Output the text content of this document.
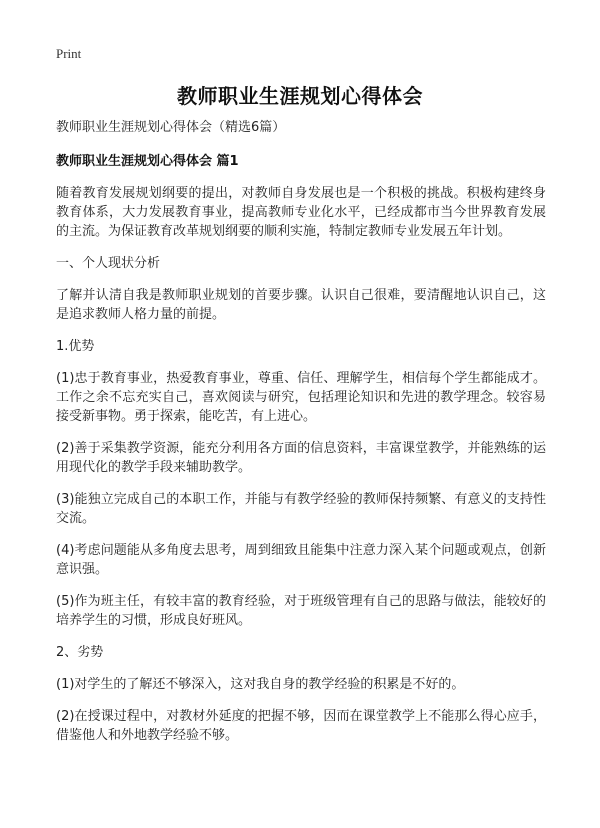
Print
教师职业生涯规划心得体会
教师职业生涯规划心得体会（精选6篇）
教师职业生涯规划心得体会 篇1

随着教育发展规划纲要的提出，对教师自身发展也是一个积极的挑战。积极构建终身教育体系，大力发展教育事业，提高教师专业化水平，已经成都市当今世界教育发展的主流。为保证教育改革规划纲要的顺利实施，特制定教师专业发展五年计划。

一、个人现状分析

了解并认清自我是教师职业规划的首要步骤。认识自己很难，要清醒地认识自己，这是追求教师人格力量的前提。

1.优势

(1)忠于教育事业，热爱教育事业，尊重、信任、理解学生，相信每个学生都能成才。工作之余不忘充实自己，喜欢阅读与研究，包括理论知识和先进的教学理念。较容易接受新事物。勇于探索，能吃苦，有上进心。

(2)善于采集教学资源，能充分利用各方面的信息资料，丰富课堂教学，并能熟练的运用现代化的教学手段来辅助教学。

(3)能独立完成自己的本职工作，并能与有教学经验的教师保持频繁、有意义的支持性交流。

(4)考虑问题能从多角度去思考，周到细致且能集中注意力深入某个问题或观点，创新意识强。

(5)作为班主任，有较丰富的教育经验，对于班级管理有自己的思路与做法，能较好的培养学生的习惯，形成良好班风。

2、劣势

(1)对学生的了解还不够深入，这对我自身的教学经验的积累是不好的。

(2)在授课过程中，对教材外延度的把握不够，因而在课堂教学上不能那么得心应手，借鉴他人和外地教学经验不够。
